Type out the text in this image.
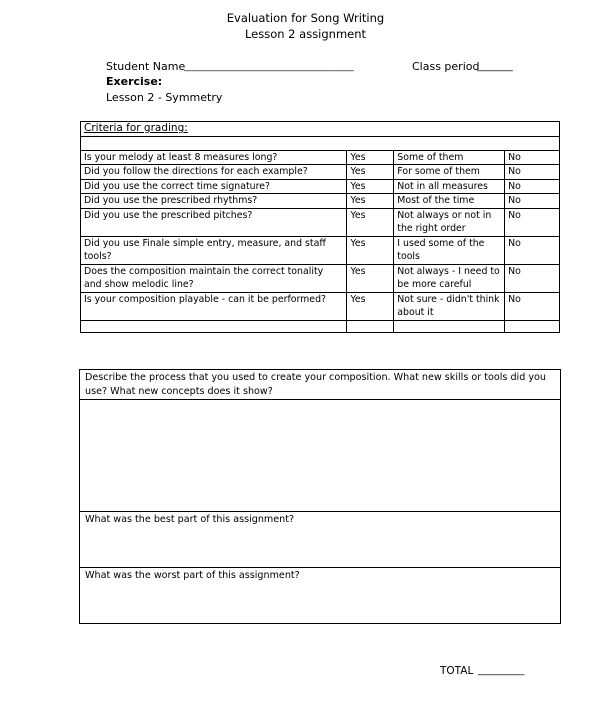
Evaluation for Song Writing
Lesson 2 assignment
Student Name
_______________________________________	Class period
________
Exercise:
Lesson 2 - Symmetry
Criteria for grading:			

Is your melody at least 8 measures long?	Yes	Some of them	No
Did you follow the directions for each example?	Yes	For some of them	No
Did you use the correct time signature?	Yes	Not in all measures	No
Did you use the prescribed rhythms?	Yes	Most of the time	No
Did you use the prescribed pitches?	Yes	Not always or not in the right order	No
Did you use Finale simple entry, measure, and staff tools?	Yes	I used some of the tools	No
Does the composition maintain the correct tonality and show melodic line?	Yes	Not always - I need to be more careful	No
Is your composition playable - can it be performed?	Yes	Not sure - didn't think about it	No

Describe the process that you used to create your composition. What new skills or tools did you use? What new concepts does it show?

What was the best part of this assignment?
What was the worst part of this assignment?
TOTAL __________
